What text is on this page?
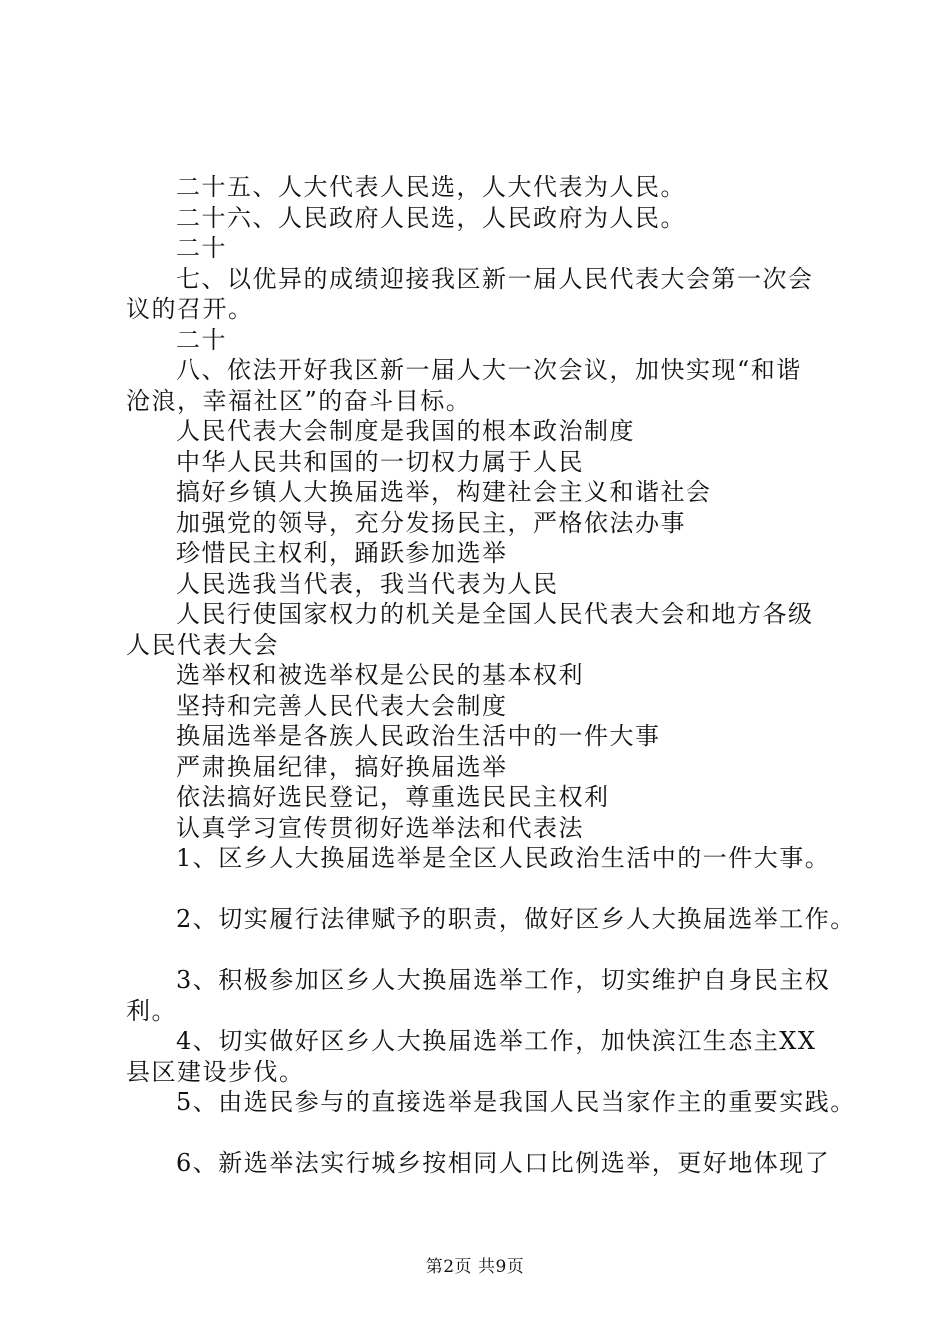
二十五、人大代表人民选，人大代表为人民。
二十六、人民政府人民选，人民政府为人民。
二十
七、以优异的成绩迎接我区新一届人民代表大会第一次会
议的召开。
二十
八、依法开好我区新一届人大一次会议，加快实现“和谐
沧浪，幸福社区”的奋斗目标。
人民代表大会制度是我国的根本政治制度
中华人民共和国的一切权力属于人民
搞好乡镇人大换届选举，构建社会主义和谐社会
加强党的领导，充分发扬民主，严格依法办事
珍惜民主权利，踊跃参加选举
人民选我当代表，我当代表为人民
人民行使国家权力的机关是全国人民代表大会和地方各级
人民代表大会
选举权和被选举权是公民的基本权利
坚持和完善人民代表大会制度
换届选举是各族人民政治生活中的一件大事
严肃换届纪律，搞好换届选举
依法搞好选民登记，尊重选民民主权利
认真学习宣传贯彻好选举法和代表法
1、区乡人大换届选举是全区人民政治生活中的一件大事。
2、切实履行法律赋予的职责，做好区乡人大换届选举工作。
3、积极参加区乡人大换届选举工作，切实维护自身民主权
利。
4、切实做好区乡人大换届选举工作，加快滨江生态主XX
县区建设步伐。
5、由选民参与的直接选举是我国人民当家作主的重要实践。
6、新选举法实行城乡按相同人口比例选举，更好地体现了
第2页 共9页
